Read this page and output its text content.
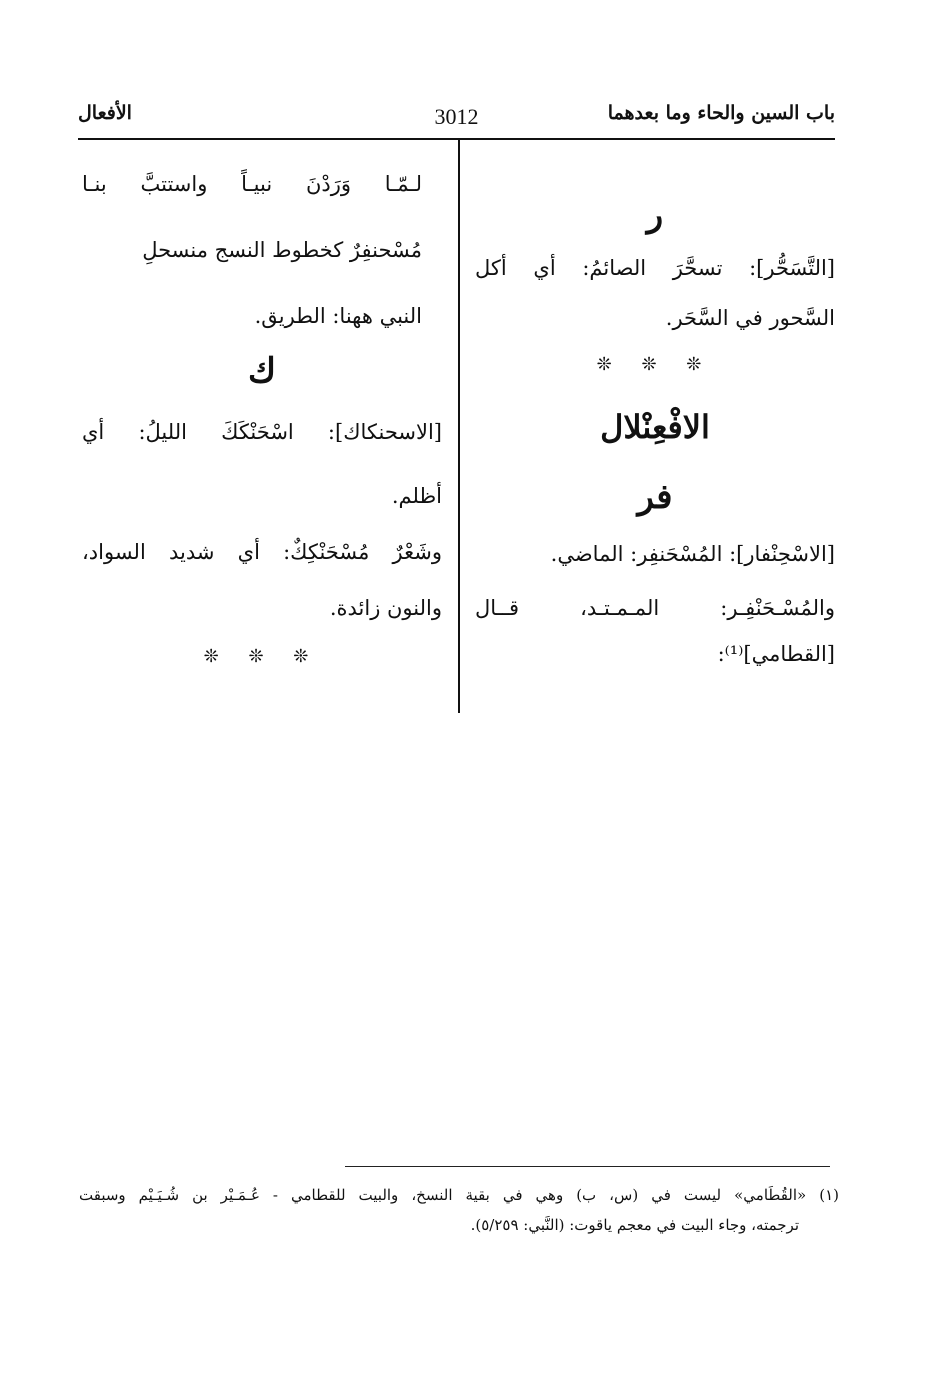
باب السين والحاء وما بعدهما
3012
الأفعال
ر
[التَّسَحُّر]: تسحَّرَ الصائمُ: أي أكل
السَّحور في السَّحَر.
❊ ❊ ❊
الافْعِنْلال
فر
[الاسْحِنْفار]: المُسْحَنفِر: الماضي.
والمُسْـحَنْفِـر: المـمـتـد، قــال
[القطامي]⁽¹⁾:
لـمّـا وَرَدْنَ نبيـاً واستتبَّ بنـا
مُسْحنفِرٌ كخطوط النسج منسحلِ
النبي ههنا: الطريق.
ك
[الاسحنكاك]: اسْحَنْكَكَ الليلُ: أي
أظلم.
وشَعْرٌ مُسْحَنْكِكٌ: أي شديد السواد،
والنون زائدة.
❊ ❊ ❊
(١) «القُطَامي» ليست في (س، ب) وهي في بقية النسخ، والبيت للقطامي - عُـمَـيْر بن شُـيَـيْم وسبقت
ترجمته، وجاء البيت في معجم ياقوت: (النَّبي: ٥/٢٥٩).
